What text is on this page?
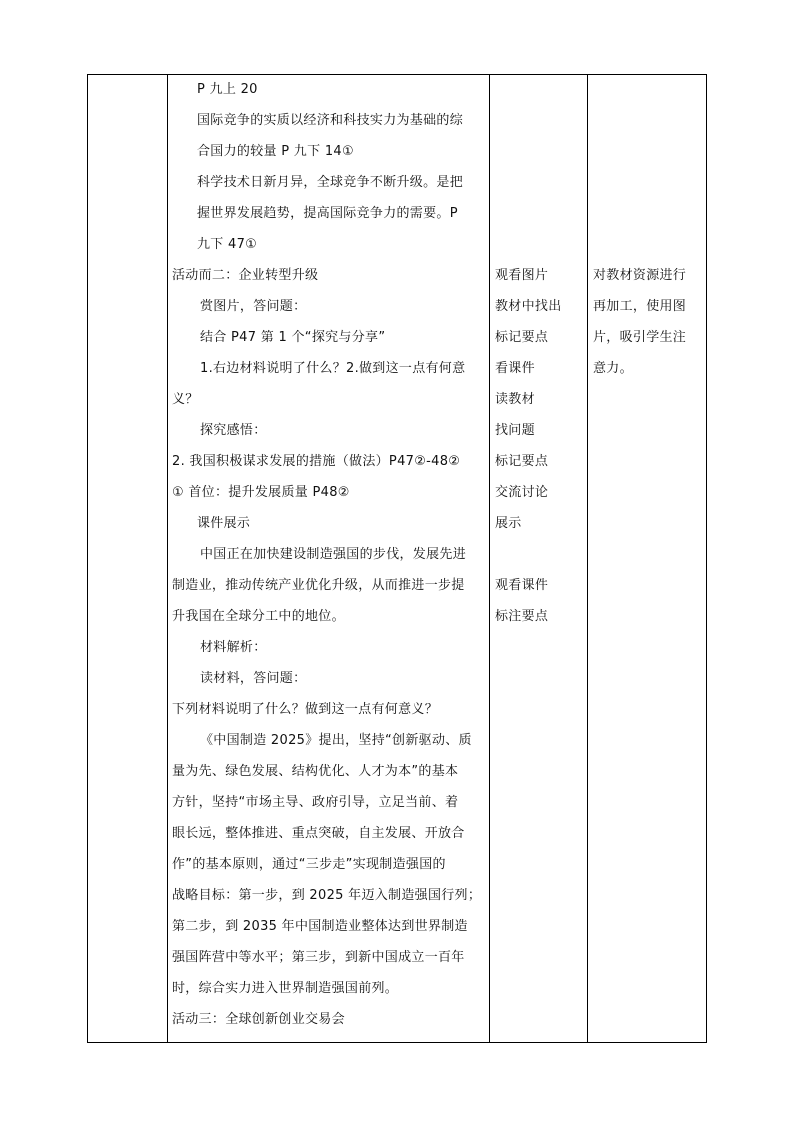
P 九上 20
国际竞争的实质以经济和科技实力为基础的综
合国力的较量 P 九下 14①
科学技术日新月异，全球竞争不断升级。是把
握世界发展趋势，提高国际竞争力的需要。P
九下 47①
活动而二：企业转型升级
赏图片，答问题：
结合 P47 第 1 个“探究与分享”
1.右边材料说明了什么？2.做到这一点有何意
义？
探究感悟：
2. 我国积极谋求发展的措施（做法）P47②-48②
① 首位：提升发展质量 P48②
课件展示
中国正在加快建设制造强国的步伐，发展先进
制造业，推动传统产业优化升级，从而推进一步提
升我国在全球分工中的地位。
材料解析：
读材料，答问题：
下列材料说明了什么？做到这一点有何意义？
《中国制造 2025》提出，坚持“创新驱动、质
量为先、绿色发展、结构优化、人才为本”的基本
方针，坚持“市场主导、政府引导，立足当前、着
眼长远，整体推进、重点突破，自主发展、开放合
作”的基本原则，通过“三步走”实现制造强国的
战略目标：第一步，到 2025 年迈入制造强国行列；
第二步，到 2035 年中国制造业整体达到世界制造
强国阵营中等水平；第三步，到新中国成立一百年
时，综合实力进入世界制造强国前列。
活动三：全球创新创业交易会
观看图片
教材中找出
标记要点
看课件
读教材
找问题
标记要点
交流讨论
展示
观看课件
标注要点
对教材资源进行
再加工，使用图
片，吸引学生注
意力。
